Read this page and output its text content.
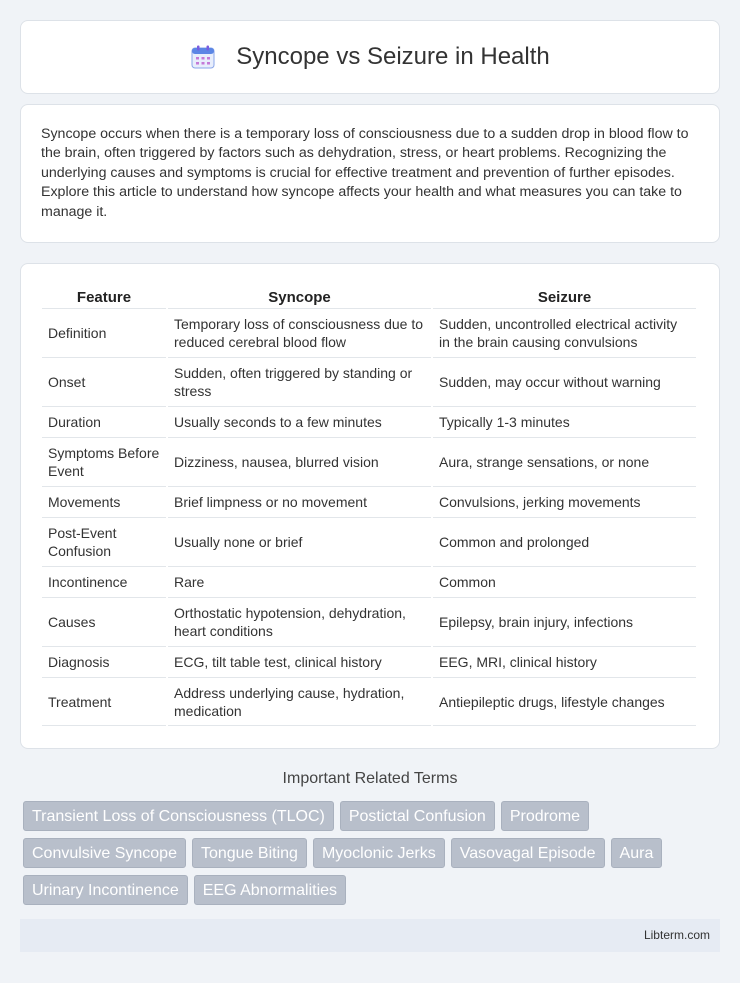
Syncope vs Seizure in Health

Syncope occurs when there is a temporary loss of consciousness due to a sudden drop in blood flow to the brain, often triggered by factors such as dehydration, stress, or heart problems. Recognizing the underlying causes and symptoms is crucial for effective treatment and prevention of further episodes. Explore this article to understand how syncope affects your health and what measures you can take to manage it.

Feature	Syncope	Seizure
Definition	Temporary loss of consciousness due to reduced cerebral blood flow	Sudden, uncontrolled electrical activity in the brain causing convulsions
Onset	Sudden, often triggered by standing or stress	Sudden, may occur without warning
Duration	Usually seconds to a few minutes	Typically 1-3 minutes
Symptoms Before Event	Dizziness, nausea, blurred vision	Aura, strange sensations, or none
Movements	Brief limpness or no movement	Convulsions, jerking movements
Post-Event Confusion	Usually none or brief	Common and prolonged
Incontinence	Rare	Common
Causes	Orthostatic hypotension, dehydration, heart conditions	Epilepsy, brain injury, infections
Diagnosis	ECG, tilt table test, clinical history	EEG, MRI, clinical history
Treatment	Address underlying cause, hydration, medication	Antiepileptic drugs, lifestyle changes
Important Related Terms
Transient Loss of Consciousness (TLOC)	Postictal Confusion	Prodrome
Convulsive Syncope	Tongue Biting	Myoclonic Jerks	Vasovagal Episode	Aura
Urinary Incontinence	EEG Abnormalities
Libterm.com
